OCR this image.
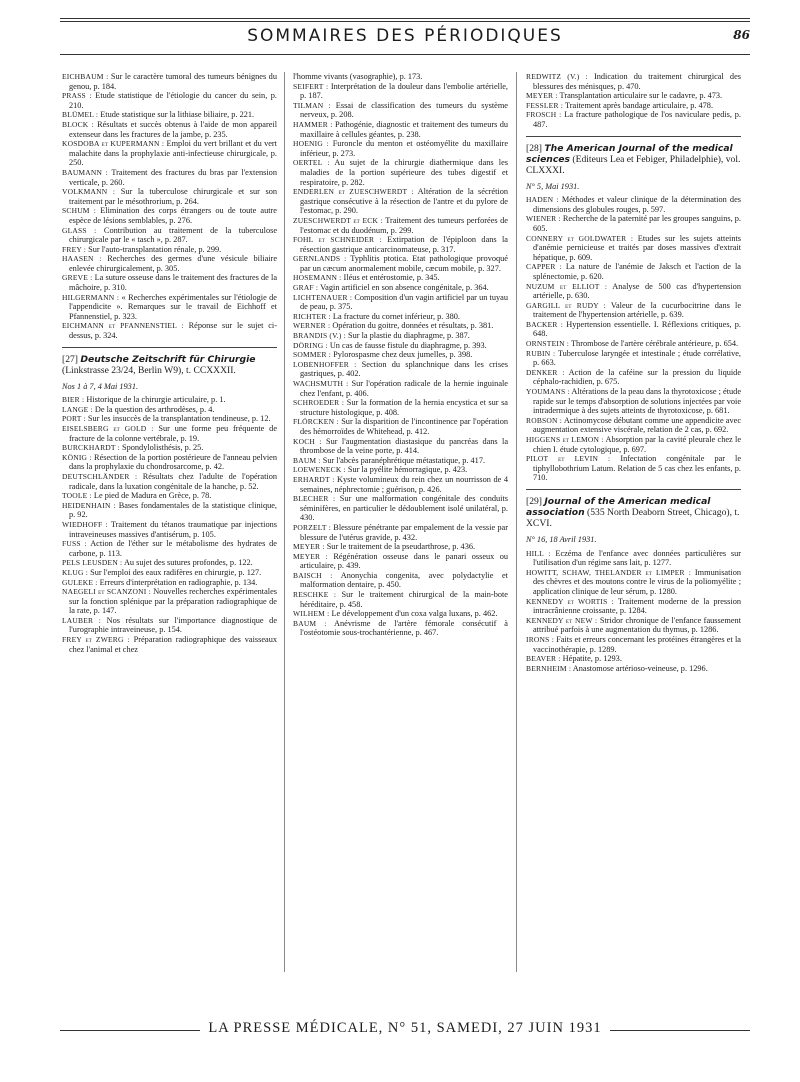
SOMMAIRES DES PÉRIODIQUES	86

EICHBAUM : Sur le caractère tumoral des tumeurs bénignes du genou, p. 184.

PRASS : Etude statistique de l'étiologie du cancer du sein, p. 210.

BLÜMEL : Etude statistique sur la lithiase biliaire, p. 221.

BLOCK : Résultats et succès obtenus à l'aide de mon appareil extenseur dans les fractures de la jambe, p. 235.

KOSDOBA et KUPERMANN : Emploi du vert brillant et du vert malachite dans la prophylaxie anti-infectieuse chirurgicale, p. 250.

BAUMANN : Traitement des fractures du bras par l'extension verticale, p. 260.

VOLKMANN : Sur la tuberculose chirurgicale et sur son traitement par le mésothrorium, p. 264.

SCHUM : Elimination des corps étrangers ou de toute autre espèce de lésions semblables, p. 276.

GLASS : Contribution au traitement de la tuberculose chirurgicale par le « tasch », p. 287.

FREY : Sur l'auto-transplantation rénale, p. 299.

HAASEN : Recherches des germes d'une vésicule biliaire enlevée chirurgicalement, p. 305.

GREVE : La suture osseuse dans le traitement des fractures de la mâchoire, p. 310.

HILGERMANN : « Recherches expérimentales sur l'étiologie de l'appendicite ». Remarques sur le travail de Eichhoff et Pfannenstiel, p. 323.

EICHMANN et PFANNENSTIEL : Réponse sur le sujet ci-dessus, p. 324.

[27] Deutsche Zeitschrift für Chirurgie (Linkstrasse 23/24, Berlin W9), t. CCXXXII.
Nos 1 à 7, 4 Mai 1931.

BIER : Historique de la chirurgie articulaire, p. 1.

LANGE : De la question des arthrodèses, p. 4.

PORT : Sur les insuccès de la transplantation tendineuse, p. 12.

EISELSBERG et GOLD : Sur une forme peu fréquente de fracture de la colonne vertébrale, p. 19.

BURCKHARDT : Spondylolisthésis, p. 25.

KÖNIG : Résection de la portion postérieure de l'anneau pelvien dans la prophylaxie du chondrosarcome, p. 42.

DEUTSCHLÄNDER : Résultats chez l'adulte de l'opération radicale, dans la luxation congénitale de la hanche, p. 52.

TOOLE : Le pied de Madura en Grèce, p. 78.

HEIDENHAIN : Bases fondamentales de la statistique clinique, p. 92.

WIEDHOFF : Traitement du tétanos traumatique par injections intraveineuses massives d'antisérum, p. 105.

FUSS : Action de l'éther sur le métabolisme des hydrates de carbone, p. 113.

PELS LEUSDEN : Au sujet des sutures profondes, p. 122.

KLUG : Sur l'emploi des eaux radifères en chirurgie, p. 127.

GULEKE : Erreurs d'interprétation en radiographie, p. 134.

NAEGELI et SCANZONI : Nouvelles recherches expérimentales sur la fonction splénique par la préparation radiographique de la rate, p. 147.

LAUBER : Nos résultats sur l'importance diagnostique de l'urographie intraveineuse, p. 154.

FREY et ZWERG : Préparation radiographique des vaisseaux chez l'animal et chez

l'homme vivants (vasographie), p. 173.

SEIFERT : Interprétation de la douleur dans l'embolie artérielle, p. 187.

TILMAN : Essai de classification des tumeurs du système nerveux, p. 208.

HAMMER : Pathogénie, diagnostic et traitement des tumeurs du maxillaire à cellules géantes, p. 238.

HOENIG : Furoncle du menton et ostéomyélite du maxillaire inférieur, p. 273.

OERTEL : Au sujet de la chirurgie diathermique dans les maladies de la portion supérieure des tubes digestif et respiratoire, p. 282.

ENDERLEN et ZUESCHWERDT : Altération de la sécrétion gastrique consécutive à la résection de l'antre et du pylore de l'estomac, p. 290.

ZUESCHWERDT et ECK : Traitement des tumeurs perforées de l'estomac et du duodénum, p. 299.

FOHL et SCHNEIDER : Extirpation de l'épiploon dans la résection gastrique anticarcinomateuse, p. 317.

GERNLANDS : Typhlitis ptotica. Etat pathologique provoqué par un cæcum anormalement mobile, cæcum mobile, p. 327.

HOSEMANN : Iléus et entérostomie, p. 345.

GRAF : Vagin artificiel en son absence congénitale, p. 364.

LICHTENAUER : Composition d'un vagin artificiel par un tuyau de peau, p. 375.

RICHTER : La fracture du cornet inférieur, p. 380.

WERNER : Opération du goitre, données et résultats, p. 381.

BRANDIS (V.) : Sur la plastie du diaphragme, p. 387.

DÖRING : Un cas de fausse fistule du diaphragme, p. 393.

SOMMER : Pylorospasme chez deux jumelles, p. 398.

LOBENHOFFER : Section du splanchnique dans les crises gastriques, p. 402.

WACHSMUTH : Sur l'opération radicale de la hernie inguinale chez l'enfant, p. 406.

SCHROEDER : Sur la formation de la hernia encystica et sur sa structure histologique, p. 408.

FLÖRCKEN : Sur la disparition de l'incontinence par l'opération des hémorroïdes de Whitehead, p. 412.

KOCH : Sur l'augmentation diastasique du pancréas dans la thrombose de la veine porte, p. 414.

BAUM : Sur l'abcès paranéphrétique métastatique, p. 417.

LOEWENECK : Sur la pyélite hémorragique, p. 423.

ERHARDT : Kyste volumineux du rein chez un nourrisson de 4 semaines, néphrectomie ; guérison, p. 426.

BLECHER : Sur une malformation congénitale des conduits séminifères, en particulier le dédoublement isolé unilatéral, p. 430.

PORZELT : Blessure pénétrante par empalement de la vessie par blessure de l'utérus gravide, p. 432.

MEYER : Sur le traitement de la pseudarthrose, p. 436.

MEYER : Régénération osseuse dans le panari osseux ou articulaire, p. 439.

BAISCH : Anonychia congenita, avec polydactylie et malformation dentaire, p. 450.

RESCHKE : Sur le traitement chirurgical de la main-bote héréditaire, p. 458.

WILHEM : Le développement d'un coxa valga luxans, p. 462.

BAUM : Anévrisme de l'artère fémorale consécutif à l'ostéotomie sous-trochantérienne, p. 467.

REDWITZ (V.) : Indication du traitement chirurgical des blessures des ménisques, p. 470.

MEYER : Transplantation articulaire sur le cadavre, p. 473.

FESSLER : Traitement après bandage articulaire, p. 478.

FROSCH : La fracture pathologique de l'os naviculare pedis, p. 487.

[28] The American Journal of the medical sciences (Editeurs Lea et Febiger, Philadelphie), vol. CLXXXI.
N° 5, Mai 1931.

HADEN : Méthodes et valeur clinique de la détermination des dimensions des globules rouges, p. 597.

WIENER : Recherche de la paternité par les groupes sanguins, p. 605.

CONNERY et GOLDWATER : Etudes sur les sujets atteints d'anémie pernicieuse et traités par doses massives d'extrait hépatique, p. 609.

CAPPER : La nature de l'anémie de Jaksch et l'action de la splénectomie, p. 620.

NUZUM et ELLIOT : Analyse de 500 cas d'hypertension artérielle, p. 630.

GARGILL et RUDY : Valeur de la cucurbocitrine dans le traitement de l'hypertension artérielle, p. 639.

BACKER : Hypertension essentielle. I. Réflexions critiques, p. 648.

ORNSTEIN : Thrombose de l'artère cérébrale antérieure, p. 654.

RUBIN : Tuberculose laryngée et intestinale ; étude corrélative, p. 663.

DENKER : Action de la caféine sur la pression du liquide céphalo-rachidien, p. 675.

YOUMANS : Altérations de la peau dans la thyrotoxicose ; étude rapide sur le temps d'absorption de solutions injectées par voie intradermique à des sujets atteints de thyrotoxicose, p. 681.

ROBSON : Actinomycose débutant comme une appendicite avec augmentation extensive viscérale, relation de 2 cas, p. 692.

HIGGENS et LEMON : Absorption par la cavité pleurale chez le chien I. étude cytologique, p. 697.

PILOT et LEVIN : Infectation congénitale par le tiphyllobothrium Latum. Relation de 5 cas chez les enfants, p. 710.

[29] Journal of the American medical association (535 North Deaborn Street, Chicago), t. XCVI.
N° 16, 18 Avril 1931.

HILL : Eczéma de l'enfance avec données particulières sur l'utilisation d'un régime sans lait, p. 1277.

HOWITT, SCHAW, THELANDER et LIMPER : Immunisation des chèvres et des moutons contre le virus de la poliomyélite ; application clinique de leur sérum, p. 1280.

KENNEDY et WORTIS : Traitement moderne de la pression intracrânienne croissante, p. 1284.

KENNEDY et NEW : Stridor chronique de l'enfance faussement attribué parfois à une augmentation du thymus, p. 1286.

IRONS : Faits et erreurs concernant les protéines étrangères et la vaccinothérapie, p. 1289.

BEAVER : Hépatite, p. 1293.

BERNHEIM : Anastomose artérioso-veineuse, p. 1296.

LA PRESSE MÉDICALE, N° 51, SAMEDI, 27 JUIN 1931
